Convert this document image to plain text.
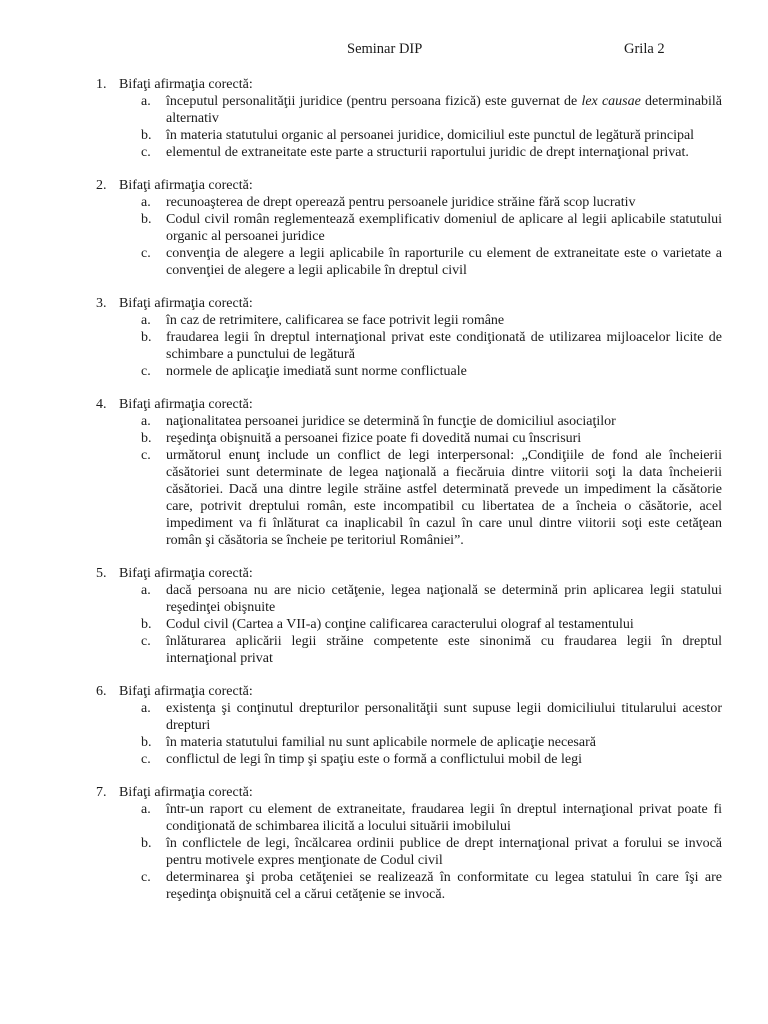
Seminar DIP	Grila 2
1. Bifaţi afirmaţia corectă:
a. începutul personalităţii juridice (pentru persoana fizică) este guvernat de lex causae determinabilă alternativ
b. în materia statutului organic al persoanei juridice, domiciliul este punctul de legătură principal
c. elementul de extraneitate este parte a structurii raportului juridic de drept internaţional privat.
2. Bifaţi afirmaţia corectă:
a. recunoaşterea de drept operează pentru persoanele juridice străine fără scop lucrativ
b. Codul civil român reglementează exemplificativ domeniul de aplicare al legii aplicabile statutului organic al persoanei juridice
c. convenţia de alegere a legii aplicabile în raporturile cu element de extraneitate este o varietate a convenţiei de alegere a legii aplicabile în dreptul civil
3. Bifaţi afirmaţia corectă:
a. în caz de retrimitere, calificarea se face potrivit legii române
b. fraudarea legii în dreptul internaţional privat este condiţionată de utilizarea mijloacelor licite de schimbare a punctului de legătură
c. normele de aplicaţie imediată sunt norme conflictuale
4. Bifaţi afirmaţia corectă:
a. naţionalitatea persoanei juridice se determină în funcţie de domiciliul asociaţilor
b. reşedinţa obişnuită a persoanei fizice poate fi dovedită numai cu înscrisuri
c. următorul enunţ include un conflict de legi interpersonal: „Condiţiile de fond ale încheierii căsătoriei sunt determinate de legea naţională a fiecăruia dintre viitorii soţi la data încheierii căsătoriei. Dacă una dintre legile străine astfel determinată prevede un impediment la căsătorie care, potrivit dreptului român, este incompatibil cu libertatea de a încheia o căsătorie, acel impediment va fi înlăturat ca inaplicabil în cazul în care unul dintre viitorii soţi este cetăţean român şi căsătoria se încheie pe teritoriul României”.
5. Bifaţi afirmaţia corectă:
a. dacă persoana nu are nicio cetăţenie, legea naţională se determină prin aplicarea legii statului reşedinţei obişnuite
b. Codul civil (Cartea a VII-a) conţine calificarea caracterului olograf al testamentului
c. înlăturarea aplicării legii străine competente este sinonimă cu fraudarea legii în dreptul internaţional privat
6. Bifaţi afirmaţia corectă:
a. existenţa şi conţinutul drepturilor personalităţii sunt supuse legii domiciliului titularului acestor drepturi
b. în materia statutului familial nu sunt aplicabile normele de aplicaţie necesară
c. conflictul de legi în timp şi spaţiu este o formă a conflictului mobil de legi
7. Bifaţi afirmaţia corectă:
a. într-un raport cu element de extraneitate, fraudarea legii în dreptul internaţional privat poate fi condiţionată de schimbarea ilicită a locului situării imobilului
b. în conflictele de legi, încălcarea ordinii publice de drept internaţional privat a forului se invocă pentru motivele expres menţionate de Codul civil
c. determinarea şi proba cetăţeniei se realizează în conformitate cu legea statului în care îşi are reşedinţa obişnuită cel a cărui cetăţenie se invocă.
